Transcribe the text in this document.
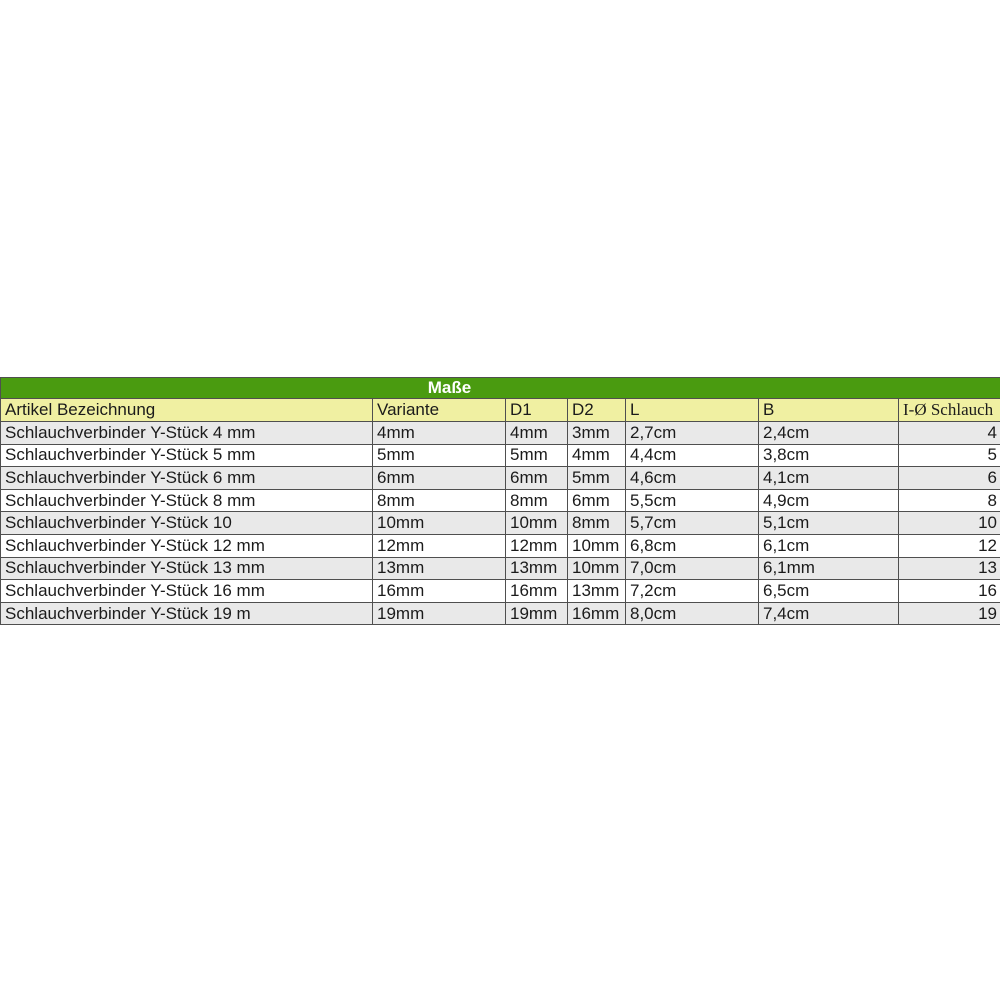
Maße						
Artikel Bezeichnung	Variante	D1	D2	L	B	I-Ø Schlauch
Schlauchverbinder Y-Stück 4 mm	4mm	4mm	3mm	2,7cm	2,4cm	4
Schlauchverbinder Y-Stück 5 mm	5mm	5mm	4mm	4,4cm	3,8cm	5
Schlauchverbinder Y-Stück 6 mm	6mm	6mm	5mm	4,6cm	4,1cm	6
Schlauchverbinder Y-Stück 8 mm	8mm	8mm	6mm	5,5cm	4,9cm	8
Schlauchverbinder Y-Stück 10	10mm	10mm	8mm	5,7cm	5,1cm	10
Schlauchverbinder Y-Stück 12 mm	12mm	12mm	10mm	6,8cm	6,1cm	12
Schlauchverbinder Y-Stück 13 mm	13mm	13mm	10mm	7,0cm	6,1mm	13
Schlauchverbinder Y-Stück 16 mm	16mm	16mm	13mm	7,2cm	6,5cm	16
Schlauchverbinder Y-Stück 19 m	19mm	19mm	16mm	8,0cm	7,4cm	19
